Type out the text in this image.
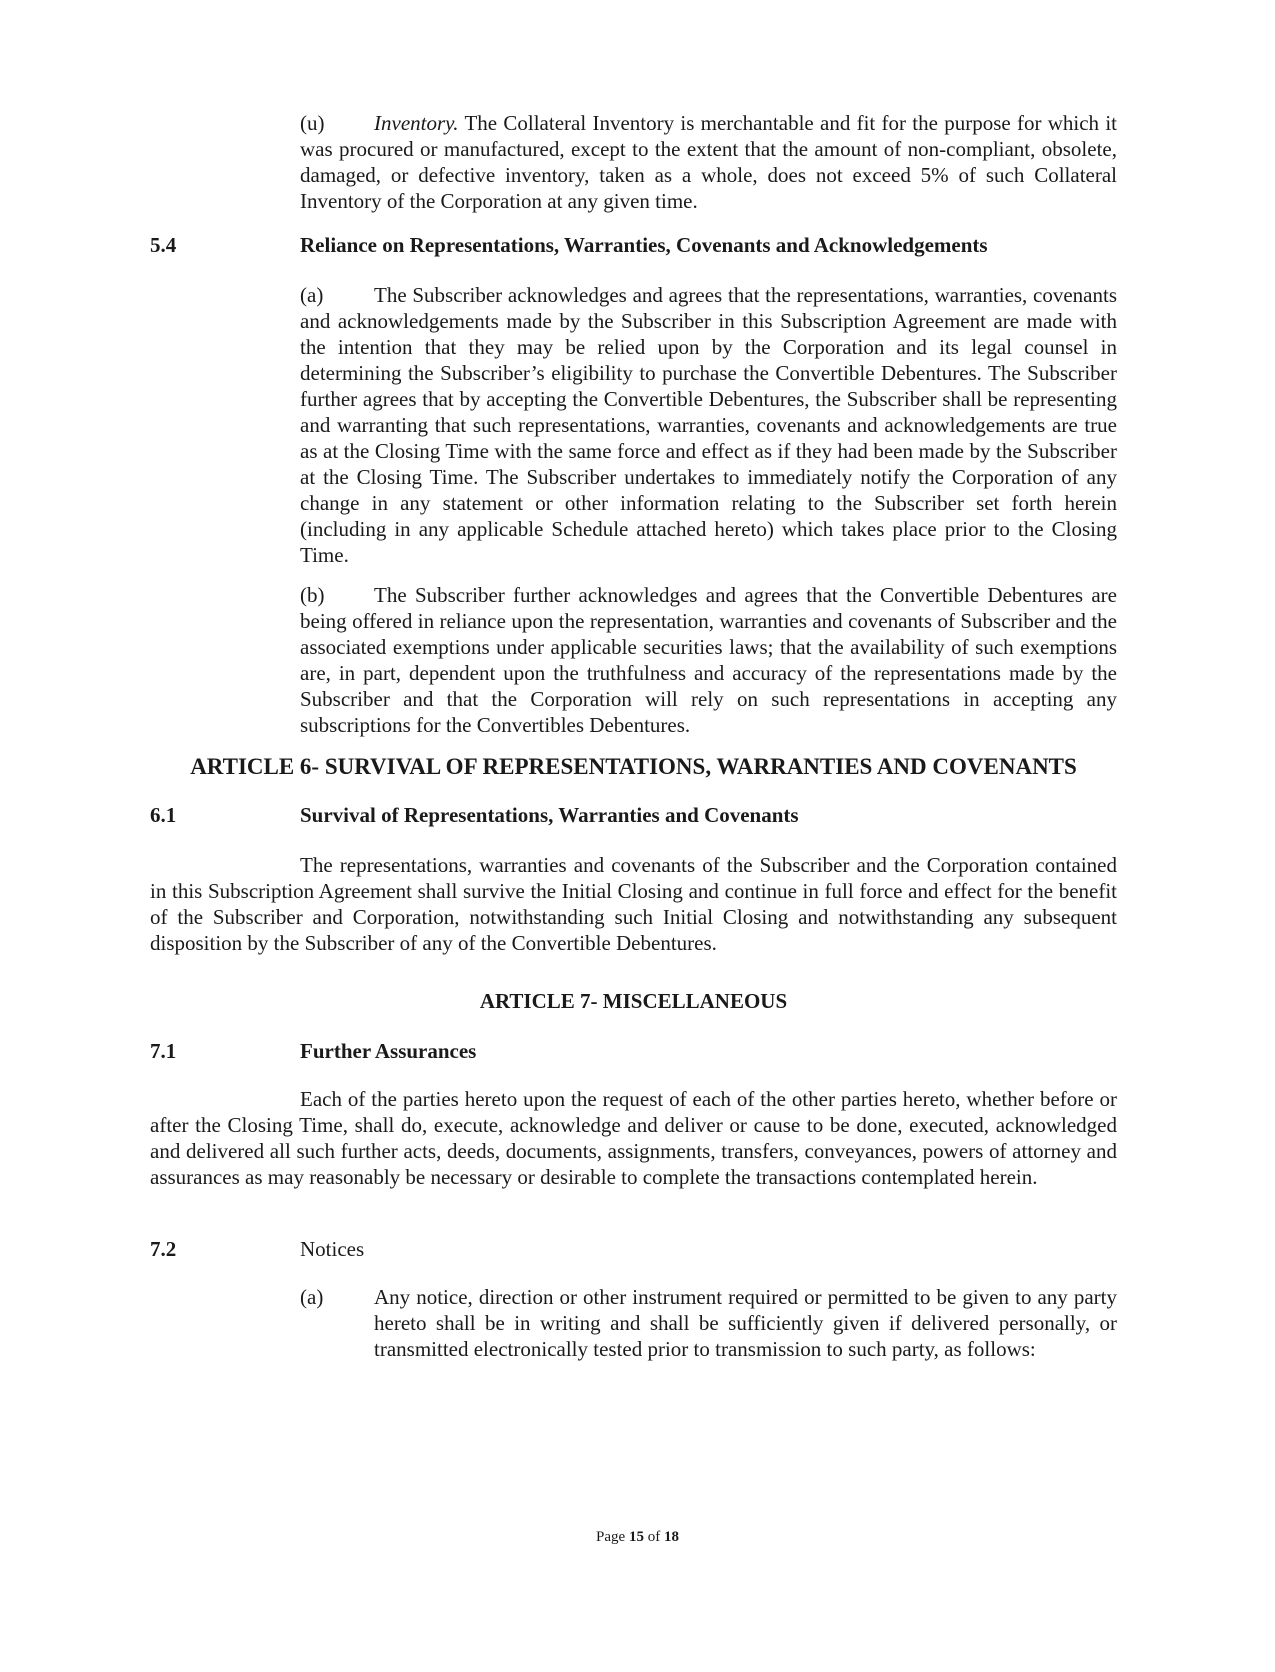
(u) Inventory. The Collateral Inventory is merchantable and fit for the purpose for which it was procured or manufactured, except to the extent that the amount of non-compliant, obsolete, damaged, or defective inventory, taken as a whole, does not exceed 5% of such Collateral Inventory of the Corporation at any given time.
5.4	Reliance on Representations, Warranties, Covenants and Acknowledgements
(a) The Subscriber acknowledges and agrees that the representations, warranties, covenants and acknowledgements made by the Subscriber in this Subscription Agreement are made with the intention that they may be relied upon by the Corporation and its legal counsel in determining the Subscriber’s eligibility to purchase the Convertible Debentures. The Subscriber further agrees that by accepting the Convertible Debentures, the Subscriber shall be representing and warranting that such representations, warranties, covenants and acknowledgements are true as at the Closing Time with the same force and effect as if they had been made by the Subscriber at the Closing Time. The Subscriber undertakes to immediately notify the Corporation of any change in any statement or other information relating to the Subscriber set forth herein (including in any applicable Schedule attached hereto) which takes place prior to the Closing Time.
(b) The Subscriber further acknowledges and agrees that the Convertible Debentures are being offered in reliance upon the representation, warranties and covenants of Subscriber and the associated exemptions under applicable securities laws; that the availability of such exemptions are, in part, dependent upon the truthfulness and accuracy of the representations made by the Subscriber and that the Corporation will rely on such representations in accepting any subscriptions for the Convertibles Debentures.
ARTICLE 6- SURVIVAL OF REPRESENTATIONS, WARRANTIES AND COVENANTS
6.1	Survival of Representations, Warranties and Covenants
The representations, warranties and covenants of the Subscriber and the Corporation contained in this Subscription Agreement shall survive the Initial Closing and continue in full force and effect for the benefit of the Subscriber and Corporation, notwithstanding such Initial Closing and notwithstanding any subsequent disposition by the Subscriber of any of the Convertible Debentures.
ARTICLE 7- MISCELLANEOUS
7.1	Further Assurances
Each of the parties hereto upon the request of each of the other parties hereto, whether before or after the Closing Time, shall do, execute, acknowledge and deliver or cause to be done, executed, acknowledged and delivered all such further acts, deeds, documents, assignments, transfers, conveyances, powers of attorney and assurances as may reasonably be necessary or desirable to complete the transactions contemplated herein.
7.2	Notices
(a) Any notice, direction or other instrument required or permitted to be given to any party hereto shall be in writing and shall be sufficiently given if delivered personally, or transmitted electronically tested prior to transmission to such party, as follows:
Page 15 of 18
